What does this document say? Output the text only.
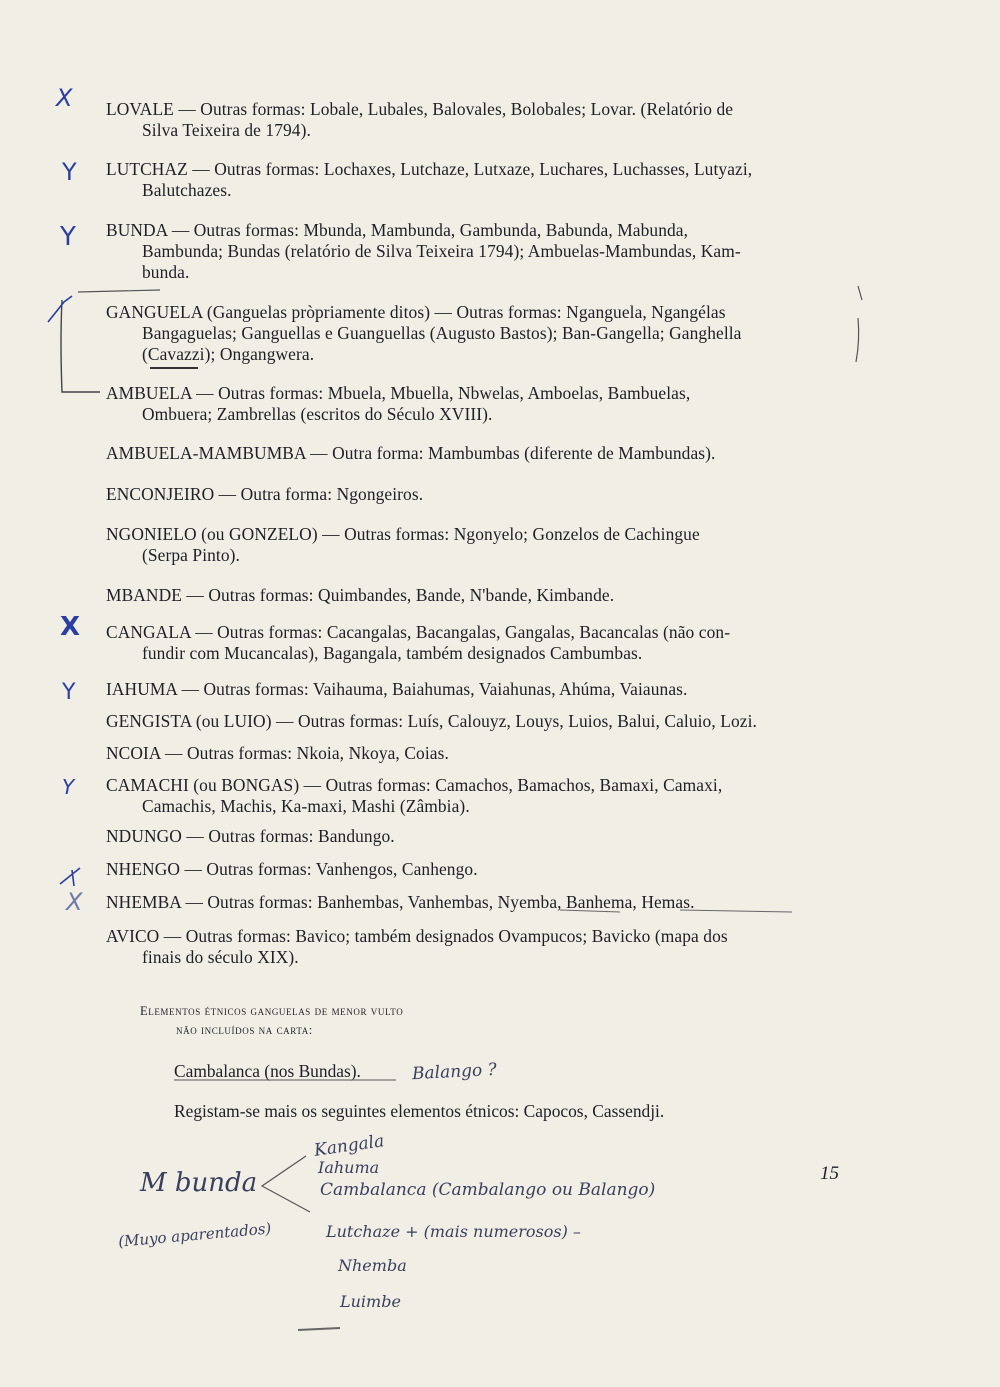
LOVALE — Outras formas: Lobale, Lubales, Balovales, Bolobales; Lovar. (Relatório de
Silva Teixeira de 1794).
LUTCHAZ — Outras formas: Lochaxes, Lutchaze, Lutxaze, Luchares, Luchasses, Lutyazi,
Balutchazes.
BUNDA — Outras formas: Mbunda, Mambunda, Gambunda, Babunda, Mabunda,
Bambunda; Bundas (relatório de Silva Teixeira 1794); Ambuelas-Mambundas, Kam-
bunda.
GANGUELA (Ganguelas pròpriamente ditos) — Outras formas: Nganguela, Ngangélas
Bangaguelas; Ganguellas e Guanguellas (Augusto Bastos); Ban-Gangella; Ganghella
(Cavazzi); Ongangwera.
AMBUELA — Outras formas: Mbuela, Mbuella, Nbwelas, Amboelas, Bambuelas,
Ombuera; Zambrellas (escritos do Século XVIII).
AMBUELA-MAMBUMBA — Outra forma: Mambumbas (diferente de Mambundas).
ENCONJEIRO — Outra forma: Ngongeiros.
NGONIELO (ou GONZELO) — Outras formas: Ngonyelo; Gonzelos de Cachingue
(Serpa Pinto).
MBANDE — Outras formas: Quimbandes, Bande, N'bande, Kimbande.
CANGALA — Outras formas: Cacangalas, Bacangalas, Gangalas, Bacancalas (não con-
fundir com Mucancalas), Bagangala, também designados Cambumbas.
IAHUMA — Outras formas: Vaihauma, Baiahumas, Vaiahunas, Ahúma, Vaiaunas.
GENGISTA (ou LUIO) — Outras formas: Luís, Calouyz, Louys, Luios, Balui, Caluio, Lozi.
NCOIA — Outras formas: Nkoia, Nkoya, Coias.
CAMACHI (ou BONGAS) — Outras formas: Camachos, Bamachos, Bamaxi, Camaxi,
Camachis, Machis, Ka-maxi, Mashi (Zâmbia).
NDUNGO — Outras formas: Bandungo.
NHENGO — Outras formas: Vanhengos, Canhengo.
NHEMBA — Outras formas: Banhembas, Vanhembas, Nyemba, Banhema, Hemas.
AVICO — Outras formas: Bavico; também designados Ovampucos; Bavicko (mapa dos
finais do século XIX).
Elementos étnicos ganguelas de menor vulto
não incluídos na carta:
Cambalanca (nos Bundas).
Registam-se mais os seguintes elementos étnicos: Capocos, Cassendji.
15
Balango ?
M bunda
Kangala
Iahuma
Cambalanca (Cambalango ou Balango)
(Muyo aparentados)	Lutchaze + (mais numerosos) –
Nhemba
Luimbe
X
Y
Y
Y
X
Y
X
